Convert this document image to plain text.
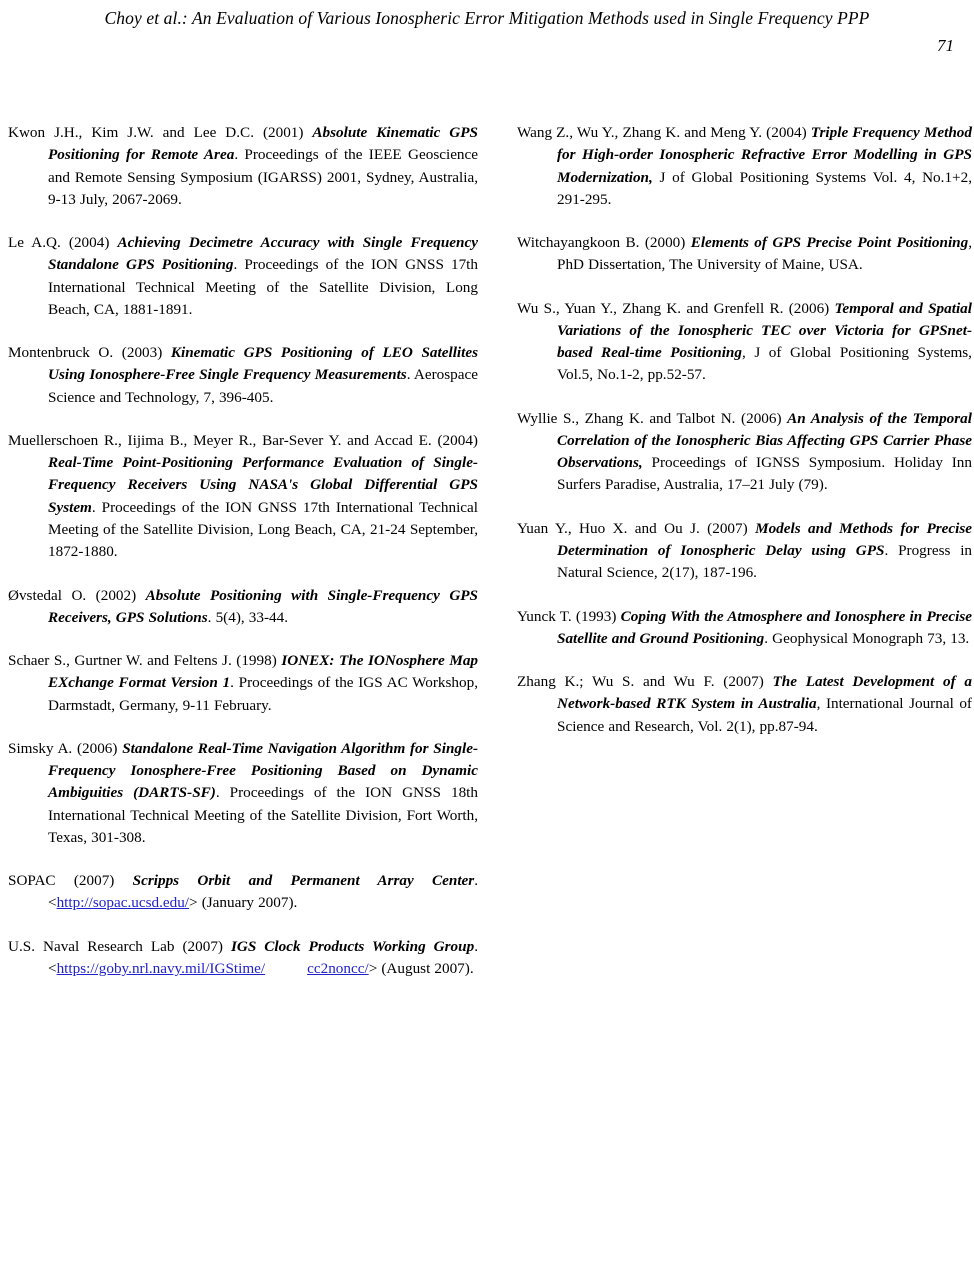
Choy et al.: An Evaluation of Various Ionospheric Error Mitigation Methods used in Single Frequency PPP
71

Kwon J.H., Kim J.W. and Lee D.C. (2001) Absolute Kinematic GPS Positioning for Remote Area. Proceedings of the IEEE Geoscience and Remote Sensing Symposium (IGARSS) 2001, Sydney, Australia, 9-13 July, 2067-2069.

Le A.Q. (2004) Achieving Decimetre Accuracy with Single Frequency Standalone GPS Positioning. Proceedings of the ION GNSS 17th International Technical Meeting of the Satellite Division, Long Beach, CA, 1881-1891.

Montenbruck O. (2003) Kinematic GPS Positioning of LEO Satellites Using Ionosphere-Free Single Frequency Measurements. Aerospace Science and Technology, 7, 396-405.

Muellerschoen R., Iijima B., Meyer R., Bar-Sever Y. and Accad E. (2004) Real-Time Point-Positioning Performance Evaluation of Single-Frequency Receivers Using NASA's Global Differential GPS System. Proceedings of the ION GNSS 17th International Technical Meeting of the Satellite Division, Long Beach, CA, 21-24 September, 1872-1880.

Øvstedal O. (2002) Absolute Positioning with Single-Frequency GPS Receivers, GPS Solutions. 5(4), 33-44.

Schaer S., Gurtner W. and Feltens J. (1998) IONEX: The IONosphere Map EXchange Format Version 1. Proceedings of the IGS AC Workshop, Darmstadt, Germany, 9-11 February.

Simsky A. (2006) Standalone Real-Time Navigation Algorithm for Single-Frequency Ionosphere-Free Positioning Based on Dynamic Ambiguities (DARTS-SF). Proceedings of the ION GNSS 18th International Technical Meeting of the Satellite Division, Fort Worth, Texas, 301-308.

SOPAC (2007) Scripps Orbit and Permanent Array Center. <http://sopac.ucsd.edu/> (January 2007).

U.S. Naval Research Lab (2007) IGS Clock Products Working Group. <https://goby.nrl.navy.mil/IGStime/	cc2noncc/> (August 2007).

Wang Z., Wu Y., Zhang K. and Meng Y. (2004) Triple Frequency Method for High-order Ionospheric Refractive Error Modelling in GPS Modernization, J of Global Positioning Systems Vol. 4, No.1+2, 291-295.

Witchayangkoon B. (2000) Elements of GPS Precise Point Positioning, PhD Dissertation, The University of Maine, USA.

Wu S., Yuan Y., Zhang K. and Grenfell R. (2006) Temporal and Spatial Variations of the Ionospheric TEC over Victoria for GPSnet-based Real-time Positioning, J of Global Positioning Systems, Vol.5, No.1-2, pp.52-57.

Wyllie S., Zhang K. and Talbot N. (2006) An Analysis of the Temporal Correlation of the Ionospheric Bias Affecting GPS Carrier Phase Observations, Proceedings of IGNSS Symposium. Holiday Inn Surfers Paradise, Australia, 17–21 July (79).

Yuan Y., Huo X. and Ou J. (2007) Models and Methods for Precise Determination of Ionospheric Delay using GPS. Progress in Natural Science, 2(17), 187-196.

Yunck T. (1993) Coping With the Atmosphere and Ionosphere in Precise Satellite and Ground Positioning. Geophysical Monograph 73, 13.

Zhang K.; Wu S. and Wu F. (2007) The Latest Development of a Network-based RTK System in Australia, International Journal of Science and Research, Vol. 2(1), pp.87-94.
